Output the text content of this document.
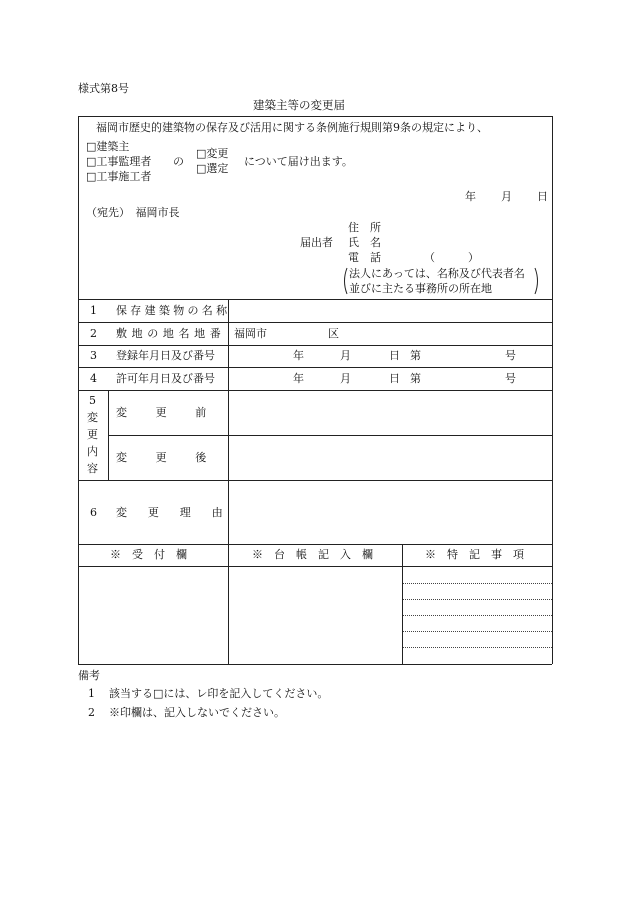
様式第8号
建築主等の変更届
福岡市歴史的建築物の保存及び活用に関する条例施行規則第9条の規定により、
□建築主
□工事監理者
□工事施工者
の
□変更
□選定
について届け出ます。
年 月 日
（宛先）　福岡市長
住　所
届出者 氏　名
電　話	（　　　）
法人にあっては、名称及び代表者名
並びに主たる事務所の所在地
1 保存建築物の名称
2 敷地の地名地番 福岡市	区
3 登録年月日及び番号	年	月	日 第	号
4 許可年月日及び番号	年	月	日 第	号
5
変
更
内
容
変　　更　　前
変　　更　　後
6 変　更　理　由
※　受　付　欄	※　台　帳　記　入　欄	※　特　記　事　項
備考
1 該当する□には、レ印を記入してください。
2 ※印欄は、記入しないでください。
